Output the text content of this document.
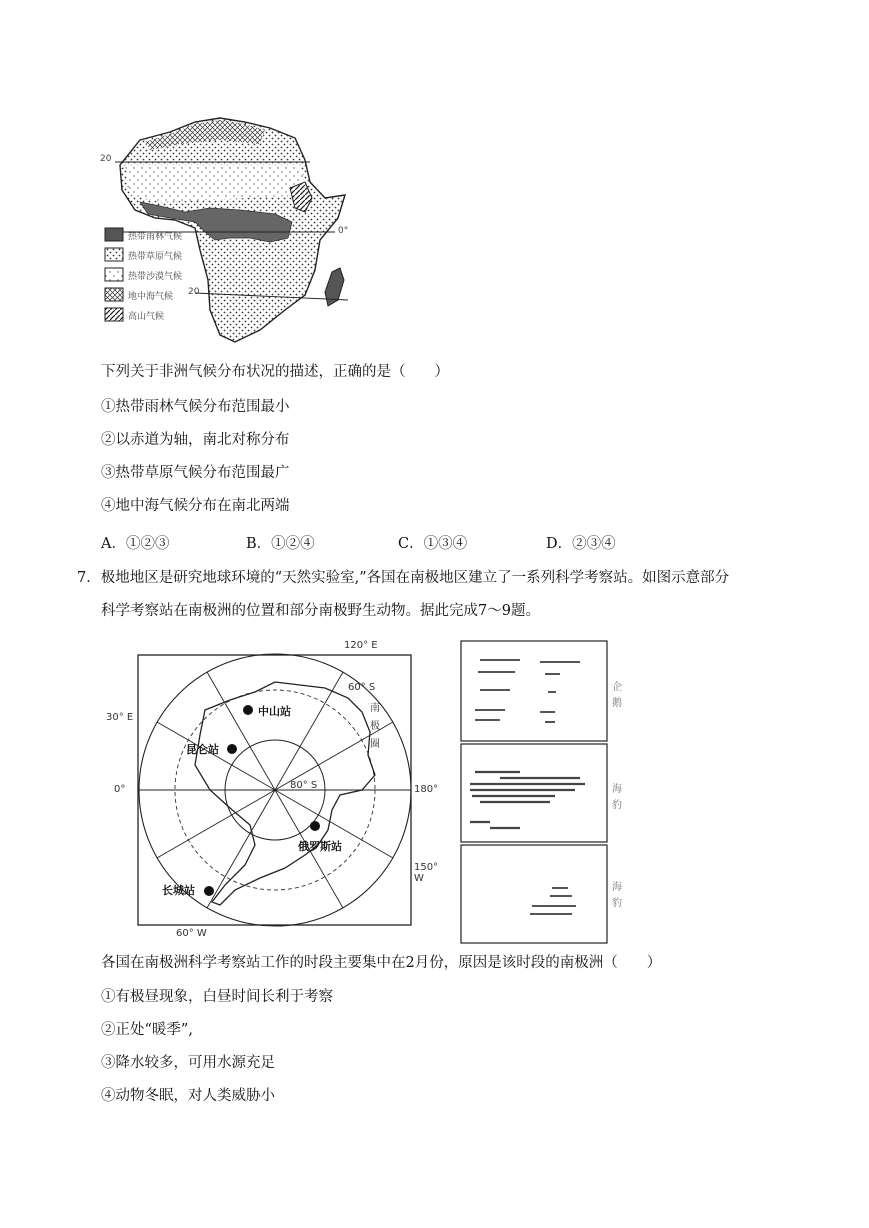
20
0°
20
热带雨林气候
热带草原气候
热带沙漠气候
地中海气候
高山气候
下列关于非洲气候分布状况的描述，正确的是（　　）
①热带雨林气候分布范围最小
②以赤道为轴，南北对称分布
③热带草原气候分布范围最广
④地中海气候分布在南北两端
A．①②③	B．①②④	C．①③④	D．②③④
7．极地地区是研究地球环境的“天然实验室,”各国在南极地区建立了一系列科学考察站。如图示意部分
科学考察站在南极洲的位置和部分南极野生动物。据此完成7～9题。
120° E
30° E
0°	180°
150° W
60° W
60° S
80° S
南极圈
中山站
昆仑站
俄罗斯站
长城站
企鹅
海豹
海豹
各国在南极洲科学考察站工作的时段主要集中在2月份，原因是该时段的南极洲（　　）
①有极昼现象，白昼时间长利于考察
②正处“暖季”,
③降水较多，可用水源充足
④动物冬眠，对人类威胁小
